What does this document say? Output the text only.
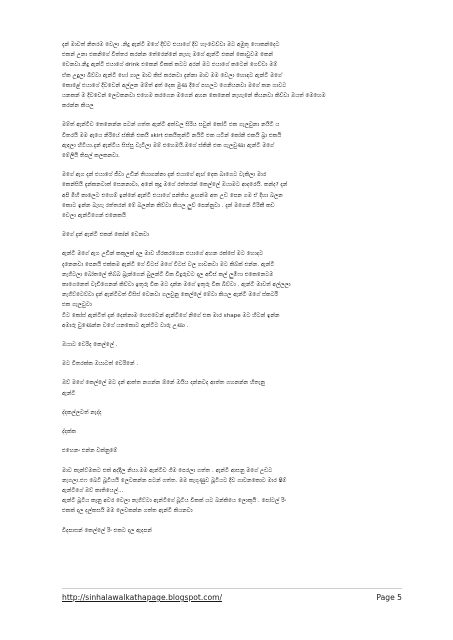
දැන් මාවත් නිතරම වෙලා .නිදු ඇන්ටි මගේ දිව්ව එයාගේ දිව හැංවෙව්වා මට අමුතු ෆොකන්දෙට
එකන් උනා එකනිගේ විත්තර කරන්න තේරෙන්නේ නැහැ මගේ ඇන්ටි එකන් කොවුවම කෙන්
වෙනවා.නිදු ඇන්ටි එයාගේ drink එකෙන් විකක් කටට අරන් මට එයාගේ කටෙන් ගෙව්වා මම්
ඒක උදුලා බිව්වා ඇන්ටි හෝ ගාල මාව කිස් කරනවා දැන්නා මාව මම වෙලා හොඳට ඇන්ටි මගේ
කොළේ එයාගේ දිවවෙන් අල්ලන මම්ත් අත් දෙක මුණ දිගේ පහලට ගෙනියනවා මගේ කන ගාවට
යනකන් ම දිවවෙන් ලෙවකනවා එහෙම කරගෙන මගෙන් අහන කෙනෙක් නැහැනේ කියනවා කිව්වා ඔයත් මෙහෙම
කරන්න කියල

මම්ත් ඇන්ටිව තෙනෙන්න පටන් ගත්ත ඇන්ටි අත්වල සිරිය සවුන් කෝටි එක ගැලවුනා නයිටි ය
විතරයි මම ඇයෙ නිරියේ ස්කිනි එකයි skirt එකයිතුන්ටි නයිටි එක යටින් කෝනි එකයි බ්‍රා එකයි
ඇඳලා හිටියා.දැන් ඇන්ටිය සිස්සු වැටිලා මම් එහෙමයි.මගේ ස්කිනි එක ගැලවුණා ඇන්ටි මගේ
මේලියි තිපල් කලකනවා.

මගේ ඇග දැන් එයාගේ ජීවා උඩින් තියාගන්නා දැන් එයාගේ ඇඟ් දෙක බාගෙට වැකිලා මාර
කෙන්සියි දැන්කනවාත් සෙනනාවා, අනේ කුදු මගේ රත්තරන් කෙල්ලේ ඔයාමට ආදරෙයි. කන්ද? දැන්
අපි මිහි කාලෙට එහෙම් ඉන්නේ ඇන්ටි එයාගේ පන්තිය ළඟන්ම අත උඩ පෙන ගම ඒ දිහා බලන
කොට ඉන්න බැහැ රත්තරන් මේ බලන්න කිව්වා කියල ලුව් පෙන්නුවා . දැන් මගෙන් ටිරිකී කඩ
වෙලා ඇන්ටිගෙන් එනෙකයි

මගේ දැන් ඇන්ටි එකන් කෝන් වෙනවා

ඇන්ටි මගේ ඇග උඩින් කකුලක් දාල මාව හිරකරගෙන එයාගේ අහන රක්සේ මට හොදට
දැනෙනවා පෙනයි එක්කම ඇන්ටි ගේ වීටස් මගේ වීටස් වල ගාවනවා මට කිබ්ක් එන්න. ඇන්ටි
නැගිටලා බෝතලේ තිබ්බ බ්‍රැන්ගෙන් බුලන්ටි වික විදුරුවට දාල අඩිස් කල් ලුමීෆා එකෙනෙටම
කාගෙනෙත් වැඩිගෙනන් කිව්වා ඉතුරු වික මට දාන්න මගේ ඉතුරු වික බිව්වා . ඇන්ටි මාවත් අල්ලලා
නැගිට්ටෙව්වා දැන් ඇන්ටිවත් විසිස් වෙනවා ගලවුනු කෙල්ලේ මේවා කියල ඇන්ටි මගේ ස්කර්ටි
එක ගැලවුවා
ටිට කෝස් ඇන්ටිත් දැන් දෙන්නාම හෙළුවෙන් ඇන්ටිගේ නිගේ එක මාර shape මට හිටන් ඉන්න
අමාරු වුණෙන්න වගේ යනකොට ඇන්ටිට වාරු උණා .

ඔයාට වෙරිද කෙල්ලේ .

මට විතරක්ක ඔයාටත් වෙරිනේ .

ඔව් මගේ කෙල්ලේ මට දැන් ආත්ත නගන්න ඕනේ ඔයිය දන්නවද ආත්ත ගහනන්න හිතැනු
ඇන්ටි

ද්දකල්ලවත් නැද්ද

ද්දක්ක

එහෙනං එන්න වක්නුමේ

මාව කෑන්ට්මකට එක් අද්දිල නියා.මම ඇන්ටිව ගිම පෙරලා ගත්ත . ඇන්ටි ආසනු මගේ උඩට
නැගලා.එෆ බෙටි බූටියයි ලෙවකන්න පටන් ගත්ත. මම කැගුණුව බූටියට දිව ගාවනකොට මාර ෂිම්
ඇන්ටිගේ ඔව් කාතියෙල්...
ඇන්ටි බූටිය කෑනු අවර වෙලා නැගිට්ටා ඇන්ටිගේ බූටිය විකක් යට බන්කියෙ ලොකුයි . පෝටල් රිං
එකක් දල දල්කසයි මම ලෙවකන්න ගත්ත ඇන්ටි කියනවා

විදපාසන් කෙල්ලේ රිං එකට දල ඇදපන්

http://sinhalawalkathapage.blogspot.com/	Page 5
